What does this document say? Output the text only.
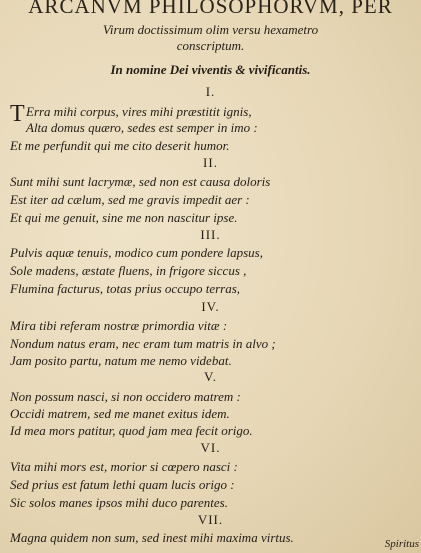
ARCANVM PHILOSOPHORVM, PER
Virum doctissimum olim versu hexametro
conscriptum.
In nomine Dei viventis & vivificantis.
I.
T Erra mihi corpus, vires mihi præstitit ignis,
Alta domus quæro, sedes est semper in imo :
Et me perfundit qui me cito deserit humor.
II.
Sunt mihi sunt lacrymæ, sed non est causa doloris
Est iter ad cælum, sed me gravis impedit aer :
Et qui me genuit, sine me non nascitur ipse.
III.
Pulvis aquæ tenuis, modico cum pondere lapsus,
Sole madens, æstate fluens, in frigore siccus ,
Flumina facturus, totas prius occupo terras,
IV.
Mira tibi referam nostræ primordia vitæ :
Nondum natus eram, nec eram tum matris in alvo ;
Jam posito partu, natum me nemo videbat.
V.
Non possum nasci, si non occidero matrem :
Occidi matrem, sed me manet exitus idem.
Id mea mors patitur, quod jam mea fecit origo.
VI.
Vita mihi mors est, morior si cœpero nasci :
Sed prius est fatum lethi quam lucis origo :
Sic solos manes ipsos mihi duco parentes.
VII.
Magna quidem non sum, sed inest mihi maxima virtus.	Spiritus
